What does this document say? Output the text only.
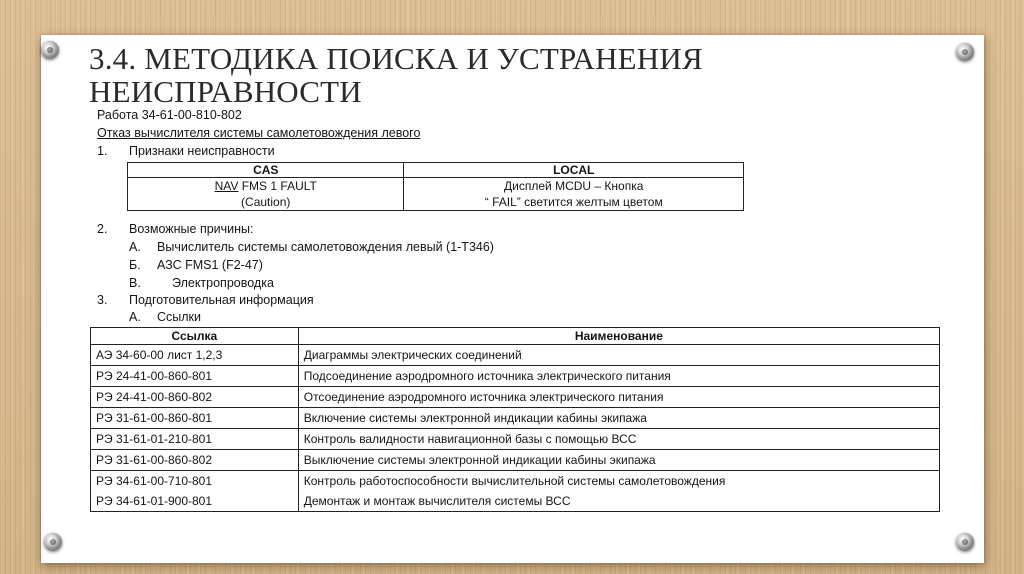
3.4. МЕТОДИКА ПОИСКА И УСТРАНЕНИЯ
НЕИСПРАВНОСТИ
Работа 34-61-00-810-802
Отказ вычислителя системы самолетовождения левого
1. Признаки неисправности
CAS	LOCAL
NAV FMS 1 FAULT	Дисплей MCDU – Кнопка
(Caution)	“ FAIL” светится желтым цветом
2. Возможные причины:
А. Вычислитель системы самолетовождения левый (1-Т346)
Б. АЗС FMS1 (F2-47)
В. Электропроводка
3. Подготовительная информация
А. Ссылки
Ссылка	Наименование
АЭ 34-60-00 лист 1,2,3	Диаграммы электрических соединений
РЭ 24-41-00-860-801	Подсоединение аэродромного источника электрического питания
РЭ 24-41-00-860-802	Отсоединение аэродромного источника электрического питания
РЭ 31-61-00-860-801	Включение системы электронной индикации кабины экипажа
РЭ 31-61-01-210-801	Контроль валидности навигационной базы с помощью ВСС
РЭ 31-61-00-860-802	Выключение системы электронной индикации кабины экипажа
РЭ 34-61-00-710-801	Контроль работоспособности вычислительной системы самолетовождения
РЭ 34-61-01-900-801	Демонтаж и монтаж вычислителя системы ВСС
